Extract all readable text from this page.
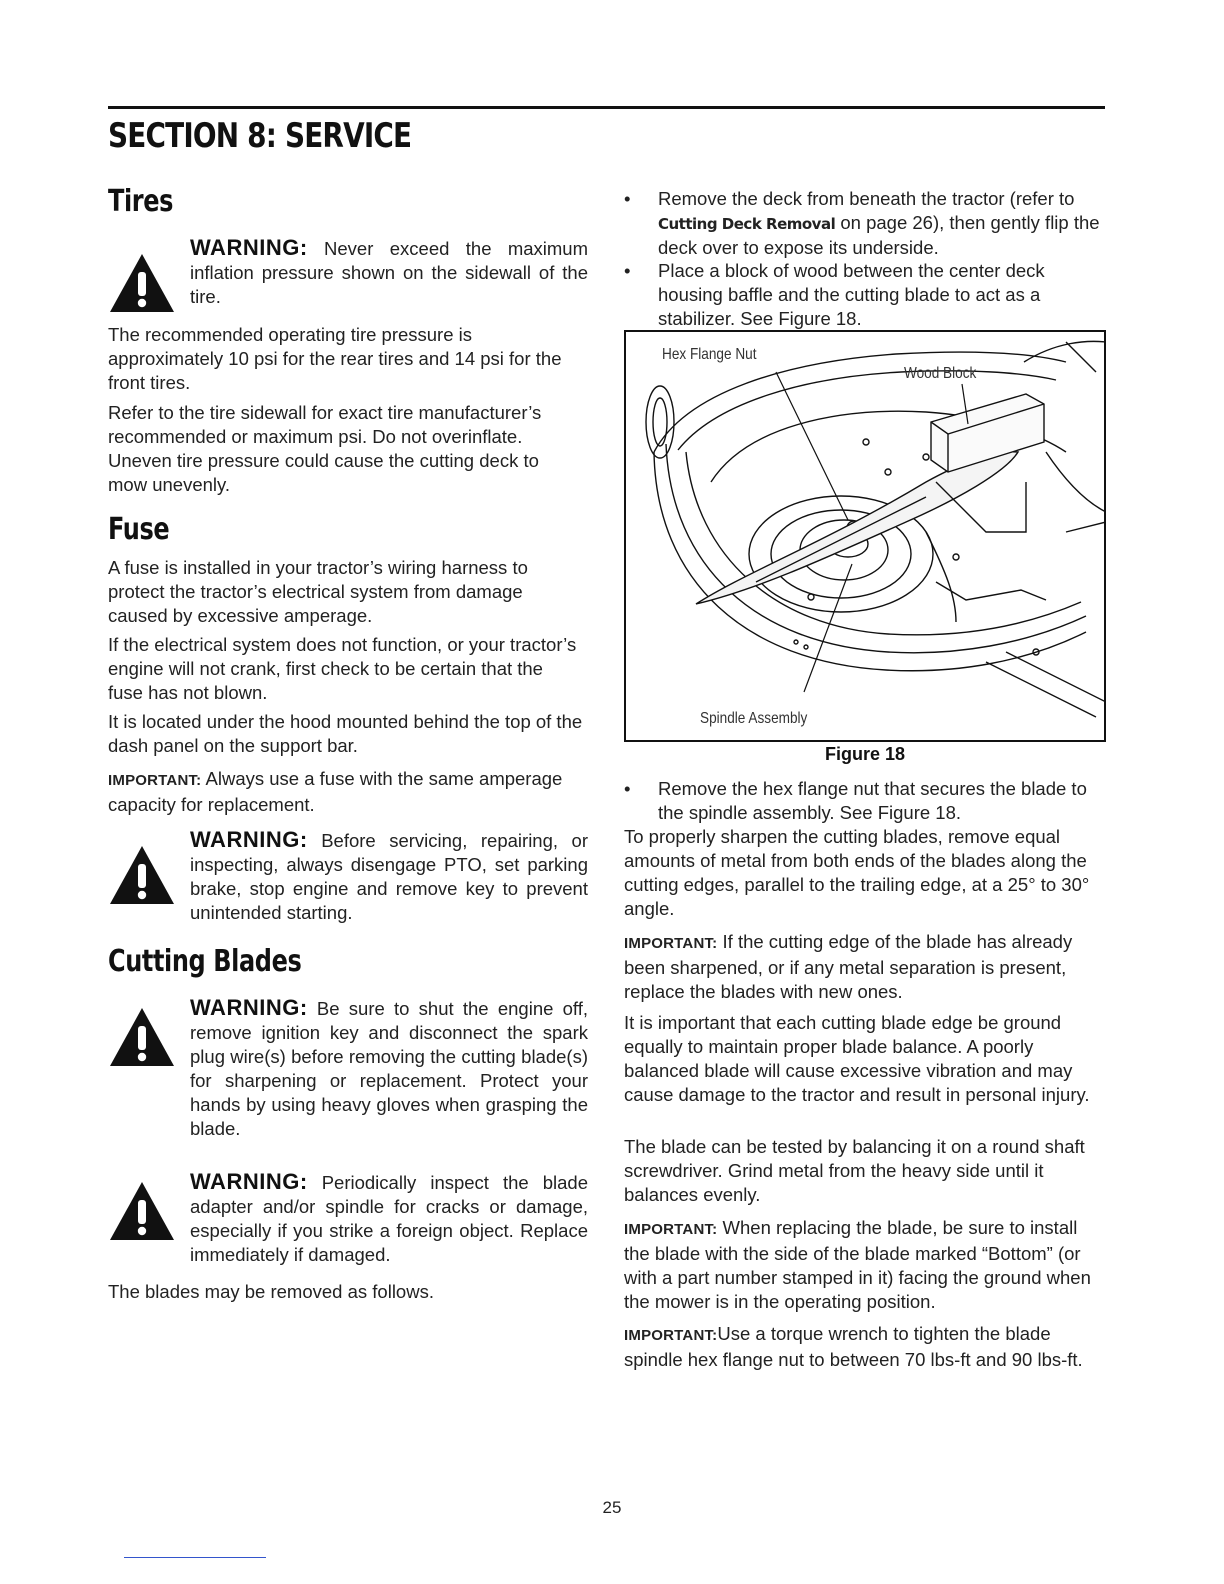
SECTION 8: SERVICE
Tires

WARNING: Never exceed the maximum inflation pressure shown on the sidewall of the tire.

The recommended operating tire pressure is approximately 10 psi for the rear tires and 14 psi for the front tires.

Refer to the tire sidewall for exact tire manufacturer’s recommended or maximum psi. Do not overinflate. Uneven tire pressure could cause the cutting deck to mow unevenly.

Fuse

A fuse is installed in your tractor’s wiring harness to protect the tractor’s electrical system from damage caused by excessive amperage.

If the electrical system does not function, or your tractor’s engine will not crank, first check to be certain that the fuse has not blown.

It is located under the hood mounted behind the top of the dash panel on the support bar.

IMPORTANT: Always use a fuse with the same amperage capacity for replacement.

WARNING: Before servicing, repairing, or inspecting, always disengage PTO, set parking brake, stop engine and remove key to prevent unintended starting.

Cutting Blades

WARNING: Be sure to shut the engine off, remove ignition key and disconnect the spark plug wire(s) before removing the cutting blade(s) for sharpening or replacement. Protect your hands by using heavy gloves when grasping the blade.

WARNING: Periodically inspect the blade adapter and/or spindle for cracks or damage, especially if you strike a foreign object. Replace immediately if damaged.

The blades may be removed as follows.

• Remove the deck from beneath the tractor (refer to Cutting Deck Removal on page 26), then gently flip the deck over to expose its underside.

• Place a block of wood between the center deck housing baffle and the cutting blade to act as a stabilizer. See Figure 18.

Hex Flange Nut
Wood Block
Spindle Assembly

Figure 18

• Remove the hex flange nut that secures the blade to the spindle assembly. See Figure 18.

To properly sharpen the cutting blades, remove equal amounts of metal from both ends of the blades along the cutting edges, parallel to the trailing edge, at a 25° to 30° angle.

IMPORTANT: If the cutting edge of the blade has already been sharpened, or if any metal separation is present, replace the blades with new ones.

It is important that each cutting blade edge be ground equally to maintain proper blade balance. A poorly balanced blade will cause excessive vibration and may cause damage to the tractor and result in personal injury.

The blade can be tested by balancing it on a round shaft screwdriver. Grind metal from the heavy side until it balances evenly.

IMPORTANT: When replacing the blade, be sure to install the blade with the side of the blade marked “Bottom” (or with a part number stamped in it) facing the ground when the mower is in the operating position.

IMPORTANT:Use a torque wrench to tighten the blade spindle hex flange nut to between 70 lbs-ft and 90 lbs-ft.

25
